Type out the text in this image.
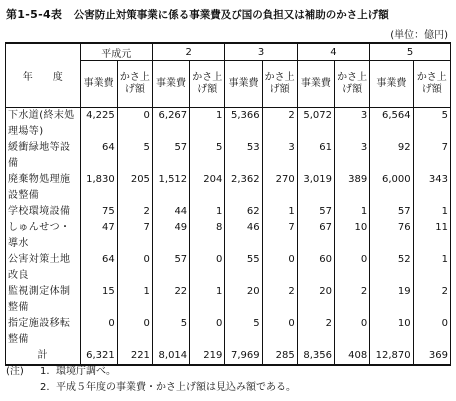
第1-5-4表 公害防止対策事業に係る事業費及び国の負担又は補助のかさ上げ額
(単位：億円)
年　　度	平成元		2		3		4		5	
	事業費	かさ上げ額	事業費	かさ上げ額	事業費	かさ上げ額	事業費	かさ上げ額	事業費	かさ上げ額
下水道(終末処理場等)	4,225	0	6,267	1	5,366	2	5,072	3	6,564	5
緩衝緑地等設備	64	5	57	5	53	3	61	3	92	7
廃棄物処理施設整備	1,830	205	1,512	204	2,362	270	3,019	389	6,000	343
学校環境設備	75	2	44	1	62	1	57	1	57	1
しゅんせつ・導水	47	7	49	8	46	7	67	10	76	11
公害対策土地改良	64	0	57	0	55	0	60	0	52	1
監視測定体制整備	15	1	22	1	20	2	20	2	19	2
指定施設移転整備	0	0	5	0	5	0	2	0	10	0
計	6,321	221	8,014	219	7,969	285	8,356	408	12,870	369
(注) 1. 環境庁調べ。
2. 平成５年度の事業費・かさ上げ額は見込み額である。
